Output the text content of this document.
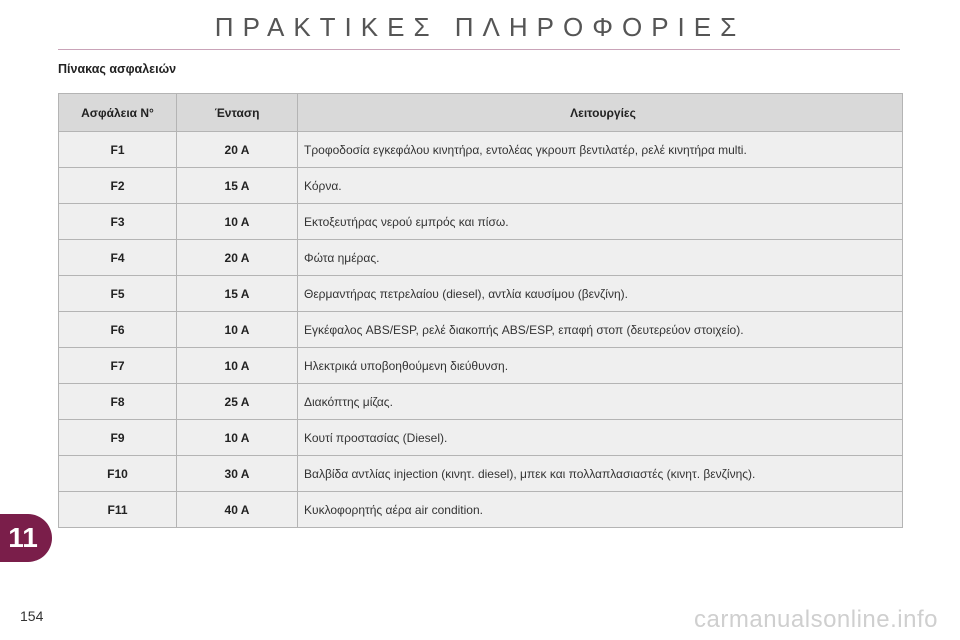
ΠΡΑΚΤΙΚΕΣ ΠΛΗΡΟΦΟΡΙΕΣ
Πίνακας ασφαλειών
Ασφάλεια N°	Ένταση	Λειτουργίες
F1	20 A	Τροφοδοσία εγκεφάλου κινητήρα, εντολέας γκρουπ βεντιλατέρ, ρελέ κινητήρα multi.
F2	15 A	Κόρνα.
F3	10 A	Εκτοξευτήρας νερού εμπρός και πίσω.
F4	20 A	Φώτα ημέρας.
F5	15 A	Θερμαντήρας πετρελαίου (diesel), αντλία καυσίμου (βενζίνη).
F6	10 A	Εγκέφαλος ABS/ESP, ρελέ διακοπής ABS/ESP, επαφή στοπ (δευτερεύον στοιχείο).
F7	10 A	Ηλεκτρικά υποβοηθούμενη διεύθυνση.
F8	25 A	Διακόπτης μίζας.
F9	10 A	Κουτί προστασίας (Diesel).
F10	30 A	Βαλβίδα αντλίας injection (κινητ. diesel), μπεκ και πολλαπλασιαστές (κινητ. βενζίνης).
F11	40 A	Κυκλοφορητής αέρα air condition.
11
154	carmanualsonline.info
